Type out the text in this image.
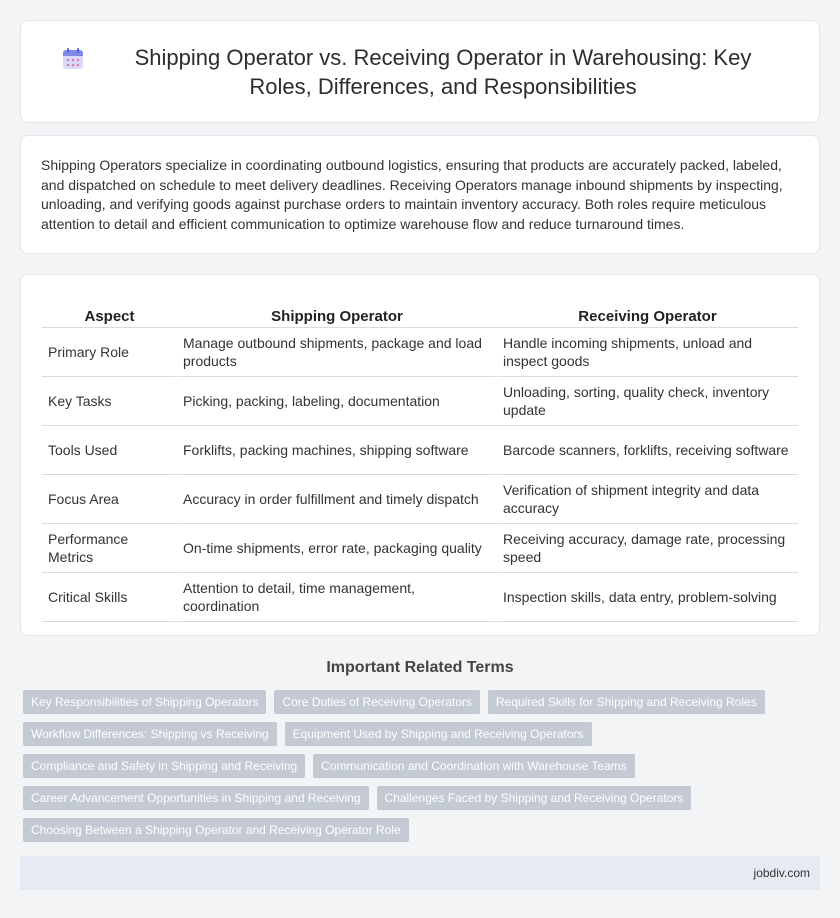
Shipping Operator vs. Receiving Operator in Warehousing: Key Roles, Differences, and Responsibilities

Shipping Operators specialize in coordinating outbound logistics, ensuring that products are accurately packed, labeled, and dispatched on schedule to meet delivery deadlines. Receiving Operators manage inbound shipments by inspecting, unloading, and verifying goods against purchase orders to maintain inventory accuracy. Both roles require meticulous attention to detail and efficient communication to optimize warehouse flow and reduce turnaround times.

Aspect	Shipping Operator	Receiving Operator
Primary Role	Manage outbound shipments, package and load products	Handle incoming shipments, unload and inspect goods
Key Tasks	Picking, packing, labeling, documentation	Unloading, sorting, quality check, inventory update
Tools Used	Forklifts, packing machines, shipping software	Barcode scanners, forklifts, receiving software
Focus Area	Accuracy in order fulfillment and timely dispatch	Verification of shipment integrity and data accuracy
Performance Metrics	On-time shipments, error rate, packaging quality	Receiving accuracy, damage rate, processing speed
Critical Skills	Attention to detail, time management, coordination	Inspection skills, data entry, problem-solving
Important Related Terms
Key Responsibilities of Shipping Operators	Core Duties of Receiving Operators	Required Skills for Shipping and Receiving Roles
Workflow Differences: Shipping vs Receiving	Equipment Used by Shipping and Receiving Operators
Compliance and Safety in Shipping and Receiving	Communication and Coordination with Warehouse Teams
Career Advancement Opportunities in Shipping and Receiving	Challenges Faced by Shipping and Receiving Operators
Choosing Between a Shipping Operator and Receiving Operator Role
jobdiv.com
